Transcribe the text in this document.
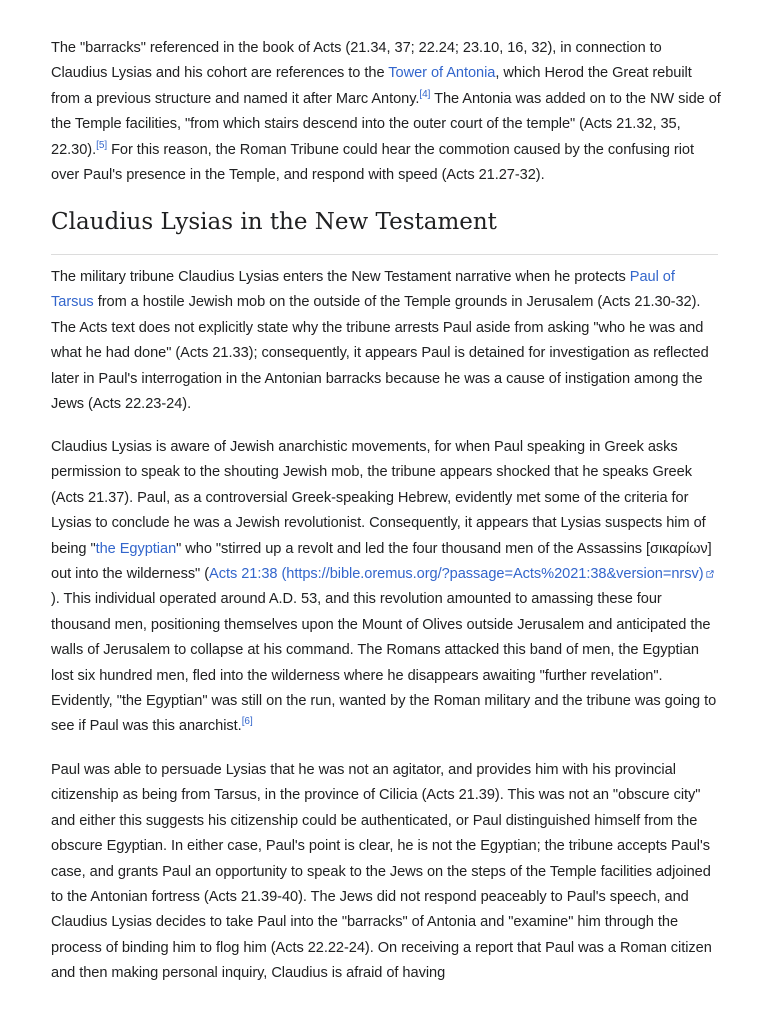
The "barracks" referenced in the book of Acts (21.34, 37; 22.24; 23.10, 16, 32), in connection to Claudius Lysias and his cohort are references to the Tower of Antonia, which Herod the Great rebuilt from a previous structure and named it after Marc Antony.[4] The Antonia was added on to the NW side of the Temple facilities, "from which stairs descend into the outer court of the temple" (Acts 21.32, 35, 22.30).[5] For this reason, the Roman Tribune could hear the commotion caused by the confusing riot over Paul's presence in the Temple, and respond with speed (Acts 21.27-32).

Claudius Lysias in the New Testament

The military tribune Claudius Lysias enters the New Testament narrative when he protects Paul of Tarsus from a hostile Jewish mob on the outside of the Temple grounds in Jerusalem (Acts 21.30-32). The Acts text does not explicitly state why the tribune arrests Paul aside from asking "who he was and what he had done" (Acts 21.33); consequently, it appears Paul is detained for investigation as reflected later in Paul's interrogation in the Antonian barracks because he was a cause of instigation among the Jews (Acts 22.23-24).

Claudius Lysias is aware of Jewish anarchistic movements, for when Paul speaking in Greek asks permission to speak to the shouting Jewish mob, the tribune appears shocked that he speaks Greek (Acts 21.37). Paul, as a controversial Greek-speaking Hebrew, evidently met some of the criteria for Lysias to conclude he was a Jewish revolutionist. Consequently, it appears that Lysias suspects him of being "the Egyptian" who "stirred up a revolt and led the four thousand men of the Assassins [σικαρίων] out into the wilderness" (Acts 21:38 (https://bible.oremus.org/?passage=Acts%2021:38&version=nrsv) ). This individual operated around A.D. 53, and this revolution amounted to amassing these four thousand men, positioning themselves upon the Mount of Olives outside Jerusalem and anticipated the walls of Jerusalem to collapse at his command. The Romans attacked this band of men, the Egyptian lost six hundred men, fled into the wilderness where he disappears awaiting "further revelation". Evidently, "the Egyptian" was still on the run, wanted by the Roman military and the tribune was going to see if Paul was this anarchist.[6]

Paul was able to persuade Lysias that he was not an agitator, and provides him with his provincial citizenship as being from Tarsus, in the province of Cilicia (Acts 21.39). This was not an "obscure city" and either this suggests his citizenship could be authenticated, or Paul distinguished himself from the obscure Egyptian. In either case, Paul's point is clear, he is not the Egyptian; the tribune accepts Paul's case, and grants Paul an opportunity to speak to the Jews on the steps of the Temple facilities adjoined to the Antonian fortress (Acts 21.39-40). The Jews did not respond peaceably to Paul's speech, and Claudius Lysias decides to take Paul into the "barracks" of Antonia and "examine" him through the process of binding him to flog him (Acts 22.22-24). On receiving a report that Paul was a Roman citizen and then making personal inquiry, Claudius is afraid of having
